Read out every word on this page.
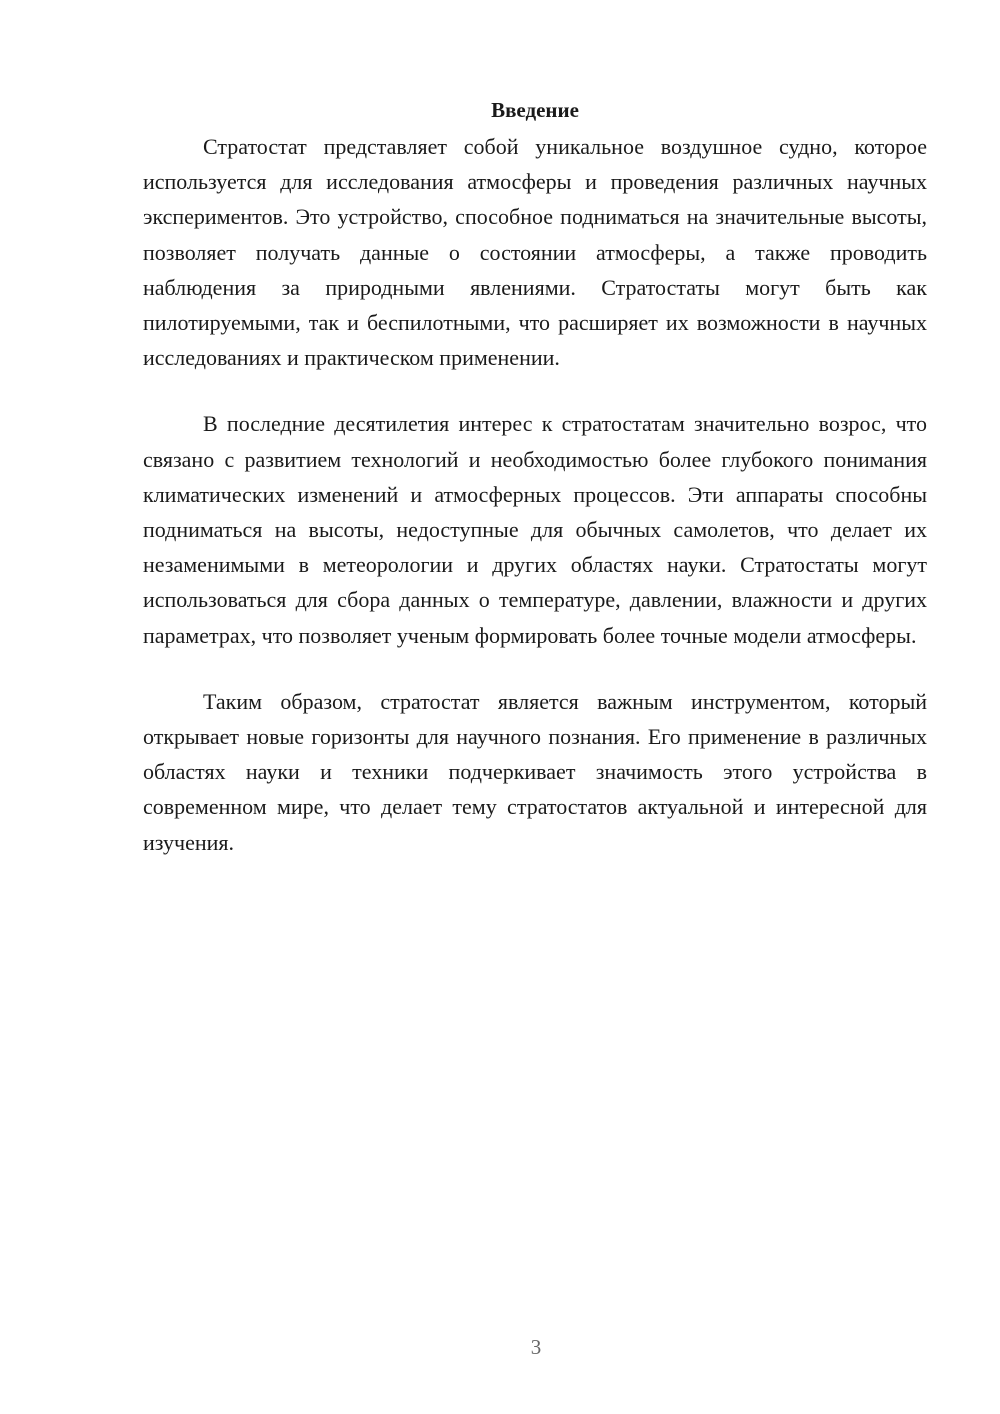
Введение

Стратостат представляет собой уникальное воздушное судно, которое используется для исследования атмосферы и проведения различных научных экспериментов. Это устройство, способное подниматься на значительные высоты, позволяет получать данные о состоянии атмосферы, а также проводить наблюдения за природными явлениями. Стратостаты могут быть как пилотируемыми, так и беспилотными, что расширяет их возможности в научных исследованиях и практическом применении.

В последние десятилетия интерес к стратостатам значительно возрос, что связано с развитием технологий и необходимостью более глубокого понимания климатических изменений и атмосферных процессов. Эти аппараты способны подниматься на высоты, недоступные для обычных самолетов, что делает их незаменимыми в метеорологии и других областях науки. Стратостаты могут использоваться для сбора данных о температуре, давлении, влажности и других параметрах, что позволяет ученым формировать более точные модели атмосферы.

Таким образом, стратостат является важным инструментом, который открывает новые горизонты для научного познания. Его применение в различных областях науки и техники подчеркивает значимость этого устройства в современном мире, что делает тему стратостатов актуальной и интересной для изучения.

3
